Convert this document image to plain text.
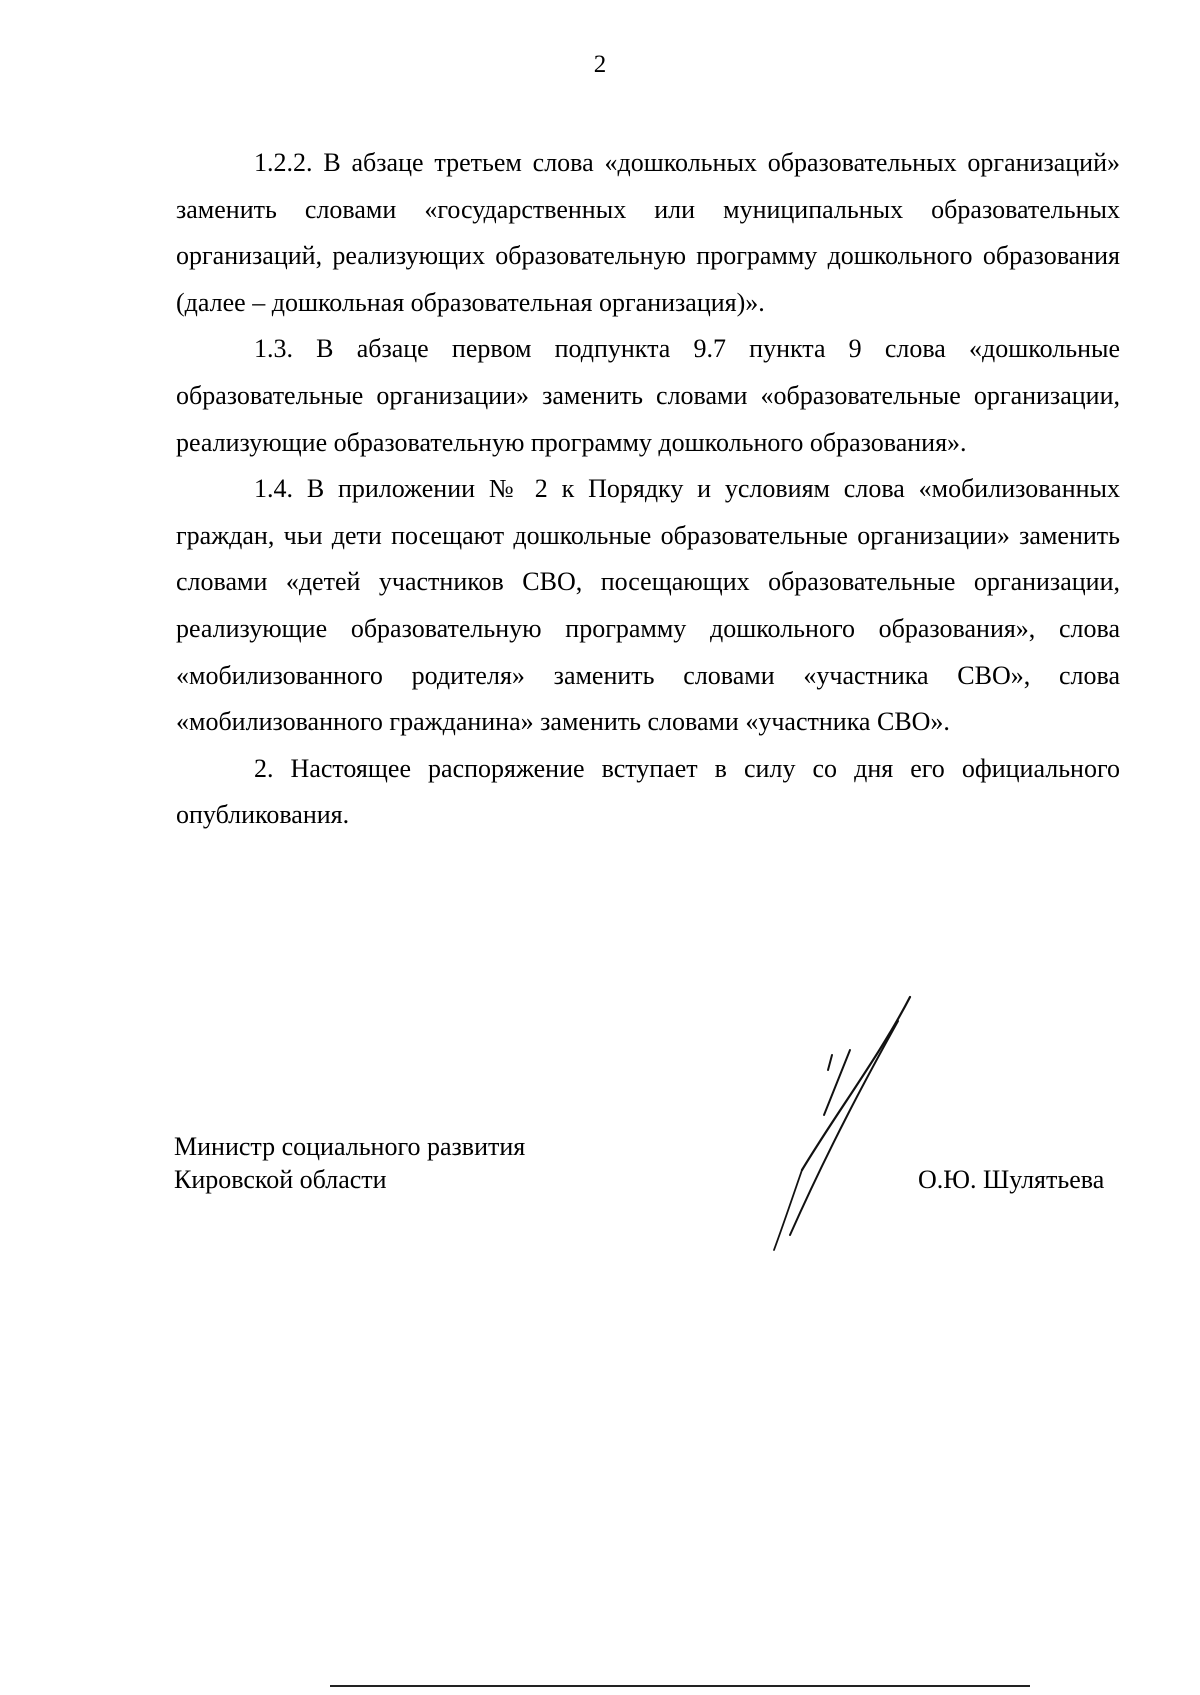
2

1.2.2. В абзаце третьем слова «дошкольных образовательных организаций» заменить словами «государственных или муниципальных образовательных организаций, реализующих образовательную программу дошкольного образования (далее – дошкольная образовательная организация)».

1.3. В абзаце первом подпункта 9.7 пункта 9 слова «дошкольные образовательные организации» заменить словами «образовательные организации, реализующие образовательную программу дошкольного образования».

1.4. В приложении № 2 к Порядку и условиям слова «мобилизованных граждан, чьи дети посещают дошкольные образовательные организации» заменить словами «детей участников СВО, посещающих образовательные организации, реализующие образовательную программу дошкольного образования», слова «мобилизованного родителя» заменить словами «участника СВО», слова «мобилизованного гражданина» заменить словами «участника СВО».

2. Настоящее распоряжение вступает в силу со дня его официального опубликования.

Министр социального развития
Кировской области	О.Ю. Шулятьева
